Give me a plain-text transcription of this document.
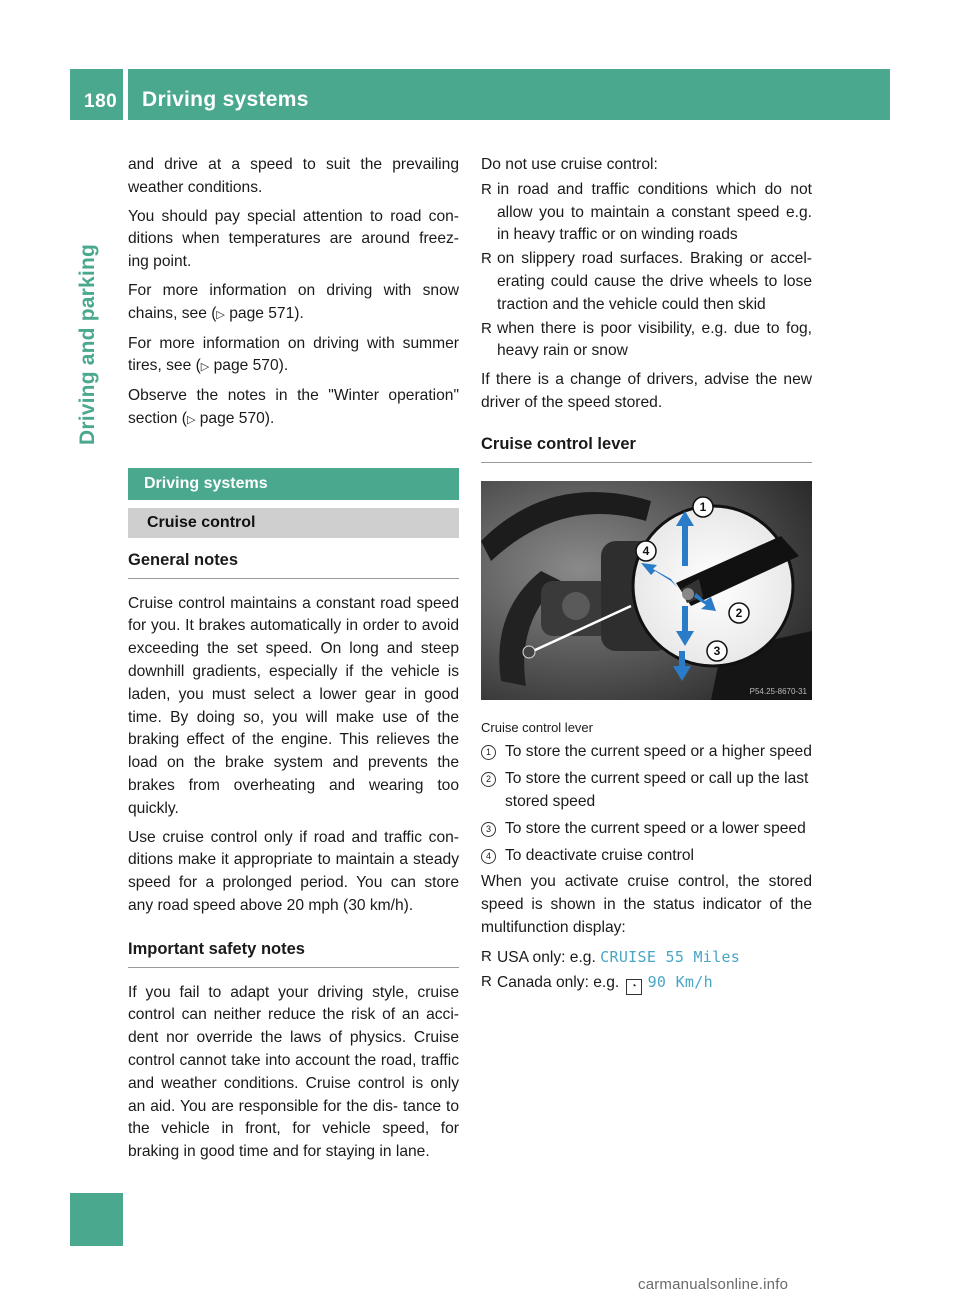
180 Driving systems
Driving and parking

and drive at a speed to suit the prevailing weather conditions.

You should pay special attention to road con- ditions when temperatures are around freez- ing point.

For more information on driving with snow chains, see (▷ page 571).

For more information on driving with summer tires, see (▷ page 570).

Observe the notes in the "Winter operation" section (▷ page 570).

Driving systems
Cruise control
General notes

Cruise control maintains a constant road speed for you. It brakes automatically in order to avoid exceeding the set speed. On long and steep downhill gradients, especially if the vehicle is laden, you must select a lower gear in good time. By doing so, you will make use of the braking effect of the engine. This relieves the load on the brake system and prevents the brakes from overheating and wearing too quickly.

Use cruise control only if road and traffic con- ditions make it appropriate to maintain a steady speed for a prolonged period. You can store any road speed above 20 mph (30 km/h).

Important safety notes

If you fail to adapt your driving style, cruise control can neither reduce the risk of an acci- dent nor override the laws of physics. Cruise control cannot take into account the road, traffic and weather conditions. Cruise control is only an aid. You are responsible for the dis- tance to the vehicle in front, for vehicle speed, for braking in good time and for staying in lane.

Do not use cruise control:

R in road and traffic conditions which do not allow you to maintain a constant speed e.g. in heavy traffic or on winding roads
R on slippery road surfaces. Braking or accel- erating could cause the drive wheels to lose traction and the vehicle could then skid
R when there is poor visibility, e.g. due to fog, heavy rain or snow

If there is a change of drivers, advise the new driver of the speed stored.

Cruise control lever
1
2
3
4
P54.25-8670-31
Cruise control lever
1 To store the current speed or a higher speed
2 To store the current speed or call up the last stored speed
3 To store the current speed or a lower speed
4 To deactivate cruise control

When you activate cruise control, the stored speed is shown in the status indicator of the multifunction display:

R USA only: e.g. CRUISE 55 Miles
R Canada only: e.g. ◔ 90 Km/h
carmanualsonline.info
